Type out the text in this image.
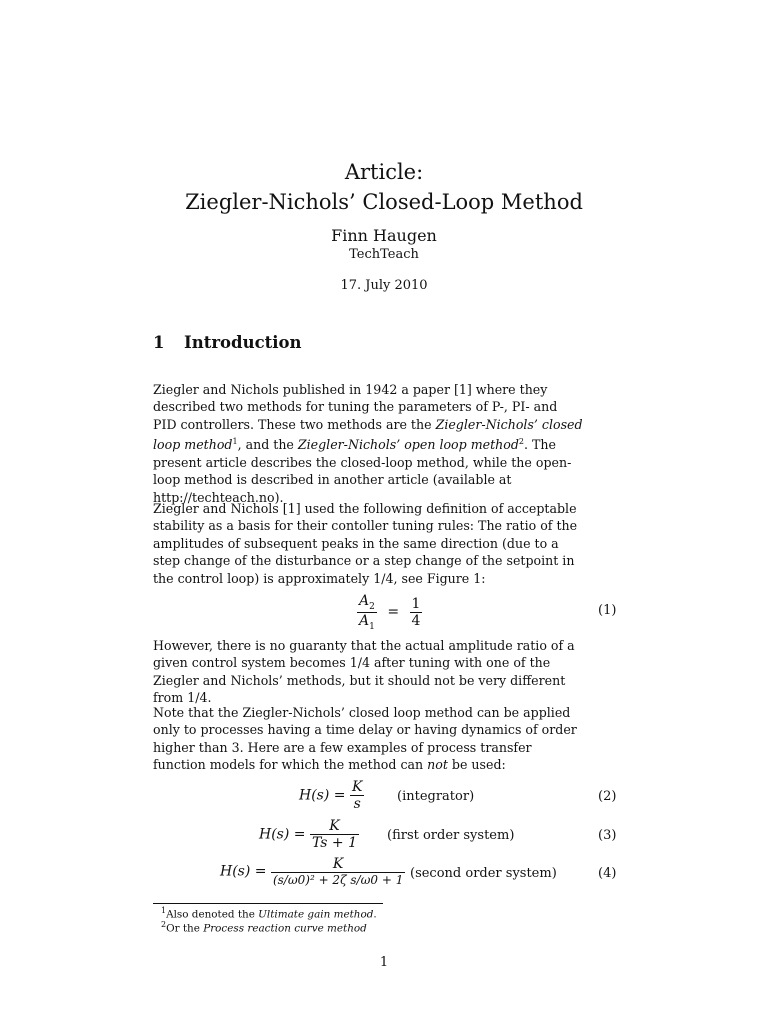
Article:
Ziegler-Nichols’ Closed-Loop Method
Finn Haugen
TechTeach
17. July 2010
1 Introduction

Ziegler and Nichols published in 1942 a paper [1] where they described two methods for tuning the parameters of P-, PI- and PID controllers. These two methods are the Ziegler-Nichols’ closed loop method$^1$, and the Ziegler-Nichols’ open loop method$^2$. The present article describes the closed-loop method, while the open-loop method is described in another article (available at http://techteach.no).

Ziegler and Nichols [1] used the following definition of acceptable stability as a basis for their contoller tuning rules: The ratio of the amplitudes of subsequent peaks in the same direction (due to a step change of the disturbance or a step change of the setpoint in the control loop) is approximately 1/4, see Figure 1:

$\frac{A_2}{A_1} = \frac{1}{4}$	(1)

However, there is no guaranty that the actual amplitude ratio of a given control system becomes 1/4 after tuning with one of the Ziegler and Nichols’ methods, but it should not be very different from 1/4.

Note that the Ziegler-Nichols’ closed loop method can be applied only to processes having a time delay or having dynamics of order higher than 3. Here are a few examples of process transfer function models for which the method can not be used:

$H(s) = \frac{K}{s}$	(integrator)	(2)
$H(s) = \frac{K}{Ts + 1}$ (first order system)	(3)
$H(s) = \frac{K}{\text{(s/ω0)² + 2ζ s/ω0 + 1}}$ (second order system)	(4)
$^1$Also denoted the Ultimate gain method.
$^2$Or the Process reaction curve method
1
